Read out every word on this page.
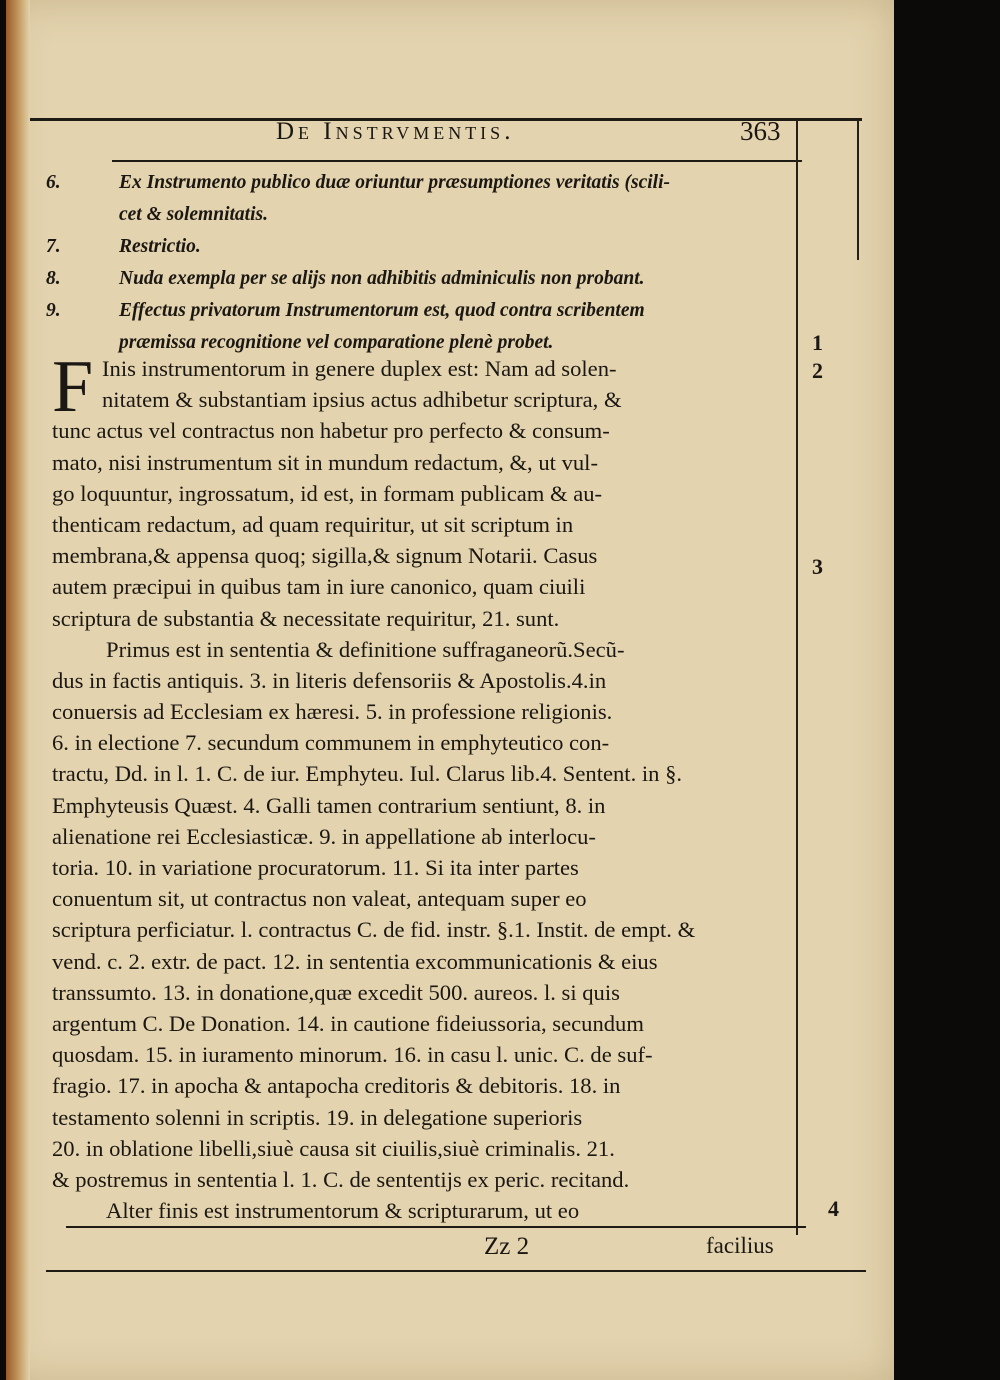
De Instrvmentis.	363
6.	Ex Instrumento publico duæ oriuntur præsumptiones veritatis (scili-
cet & solemnitatis.
7.	Restrictio.
8.	Nuda exempla per se alijs non adhibitis adminiculis non probant.
9.	Effectus privatorum Instrumentorum est, quod contra scribentem
præmissa recognitione vel comparatione plenè probet.
F Inis instrumentorum in genere duplex est: Nam ad solen-
nitatem & substantiam ipsius actus adhibetur scriptura, &
tunc actus vel contractus non habetur pro perfecto & consum-
mato, nisi instrumentum sit in mundum redactum, &, ut vul-
go loquuntur, ingrossatum, id est, in formam publicam & au-
thenticam redactum, ad quam requiritur, ut sit scriptum in
membrana,& appensa quoq; sigilla,& signum Notarii. Casus
autem præcipui in quibus tam in iure canonico, quam ciuili
scriptura de substantia & necessitate requiritur, 21. sunt.
Primus est in sententia & definitione suffraganeorũ.Secũ-
dus in factis antiquis. 3. in literis defensoriis & Apostolis.4.in
conuersis ad Ecclesiam ex hæresi. 5. in professione religionis.
6. in electione 7. secundum communem in emphyteutico con-
tractu, Dd. in l. 1. C. de iur. Emphyteu. Iul. Clarus lib.4. Sentent. in §.
Emphyteusis Quæst. 4. Galli tamen contrarium sentiunt, 8. in
alienatione rei Ecclesiasticæ. 9. in appellatione ab interlocu-
toria. 10. in variatione procuratorum. 11. Si ita inter partes
conuentum sit, ut contractus non valeat, antequam super eo
scriptura perficiatur. l. contractus C. de fid. instr. §.1. Instit. de empt. &
vend. c. 2. extr. de pact. 12. in sententia excommunicationis & eius
transsumto. 13. in donatione,quæ excedit 500. aureos. l. si quis
argentum C. De Donation. 14. in cautione fideiussoria, secundum
quosdam. 15. in iuramento minorum. 16. in casu l. unic. C. de suf-
fragio. 17. in apocha & antapocha creditoris & debitoris. 18. in
testamento solenni in scriptis. 19. in delegatione superioris
20. in oblatione libelli,siuè causa sit ciuilis,siuè criminalis. 21.
& postremus in sententia l. 1. C. de sententijs ex peric. recitand.
Alter finis est instrumentorum & scripturarum, ut eo
1
2
3
4
Zz 2	facilius
